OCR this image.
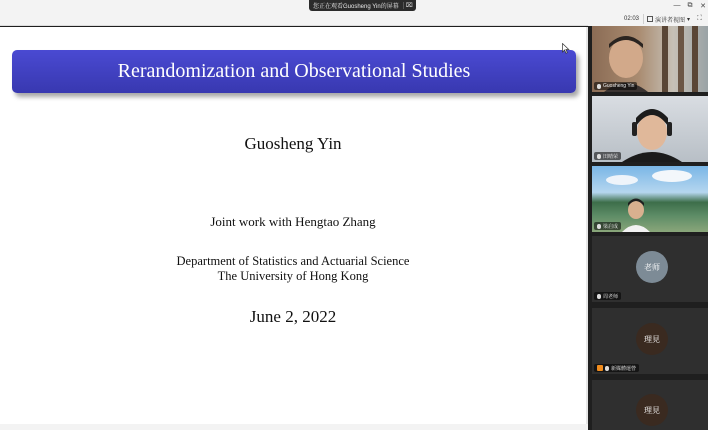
您正在观看Guosheng Yin的屏幕	⌧	—	⧉	✕
02:03	演讲者视图 ▾ ⛶
Rerandomization and Observational Studies
Guosheng Yin
Joint work with Hengtao Zhang
Department of Statistics and Actuarial Science
The University of Hong Kong
June 2, 2022
Guosheng Yin
田晴荣
梁启成
老师
周老师
理見
新媒體運營
理見
